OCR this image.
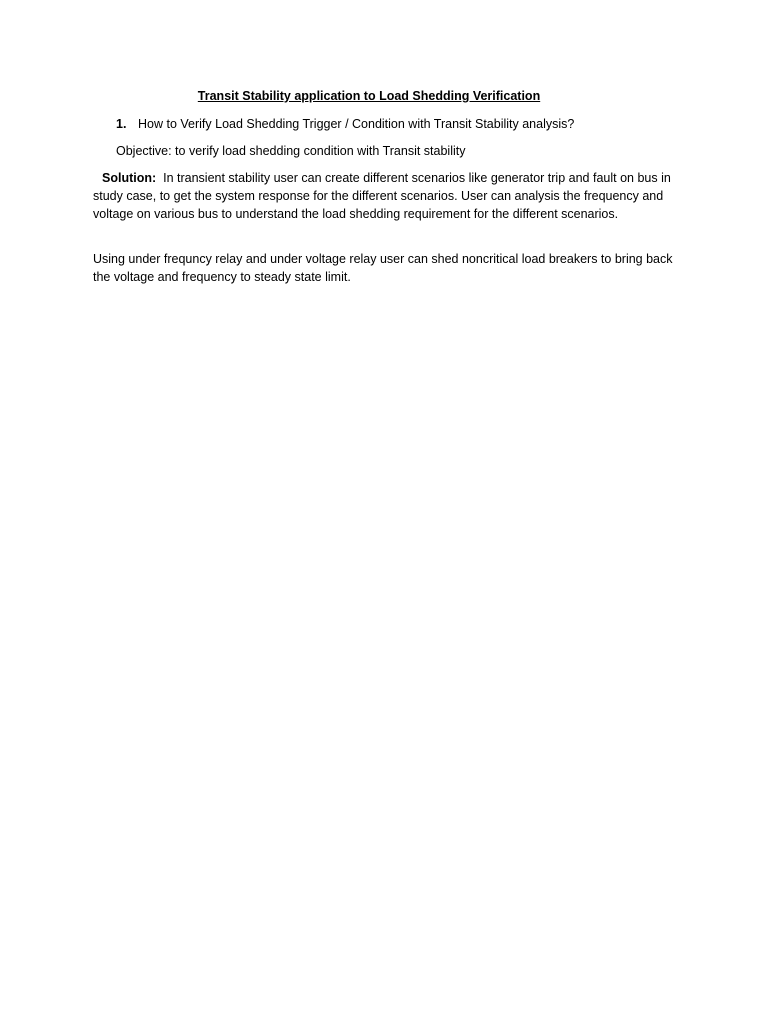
Transit Stability application to Load Shedding Verification
1. How to Verify Load Shedding Trigger / Condition with Transit Stability analysis?
Objective: to verify load shedding condition with Transit stability

Solution: In transient stability user can create different scenarios like generator trip and fault on bus in study case, to get the system response for the different scenarios. User can analysis the frequency and voltage on various bus to understand the load shedding requirement for the different scenarios.

Using under frequncy relay and under voltage relay user can shed noncritical load breakers to bring back the voltage and frequency to steady state limit.
